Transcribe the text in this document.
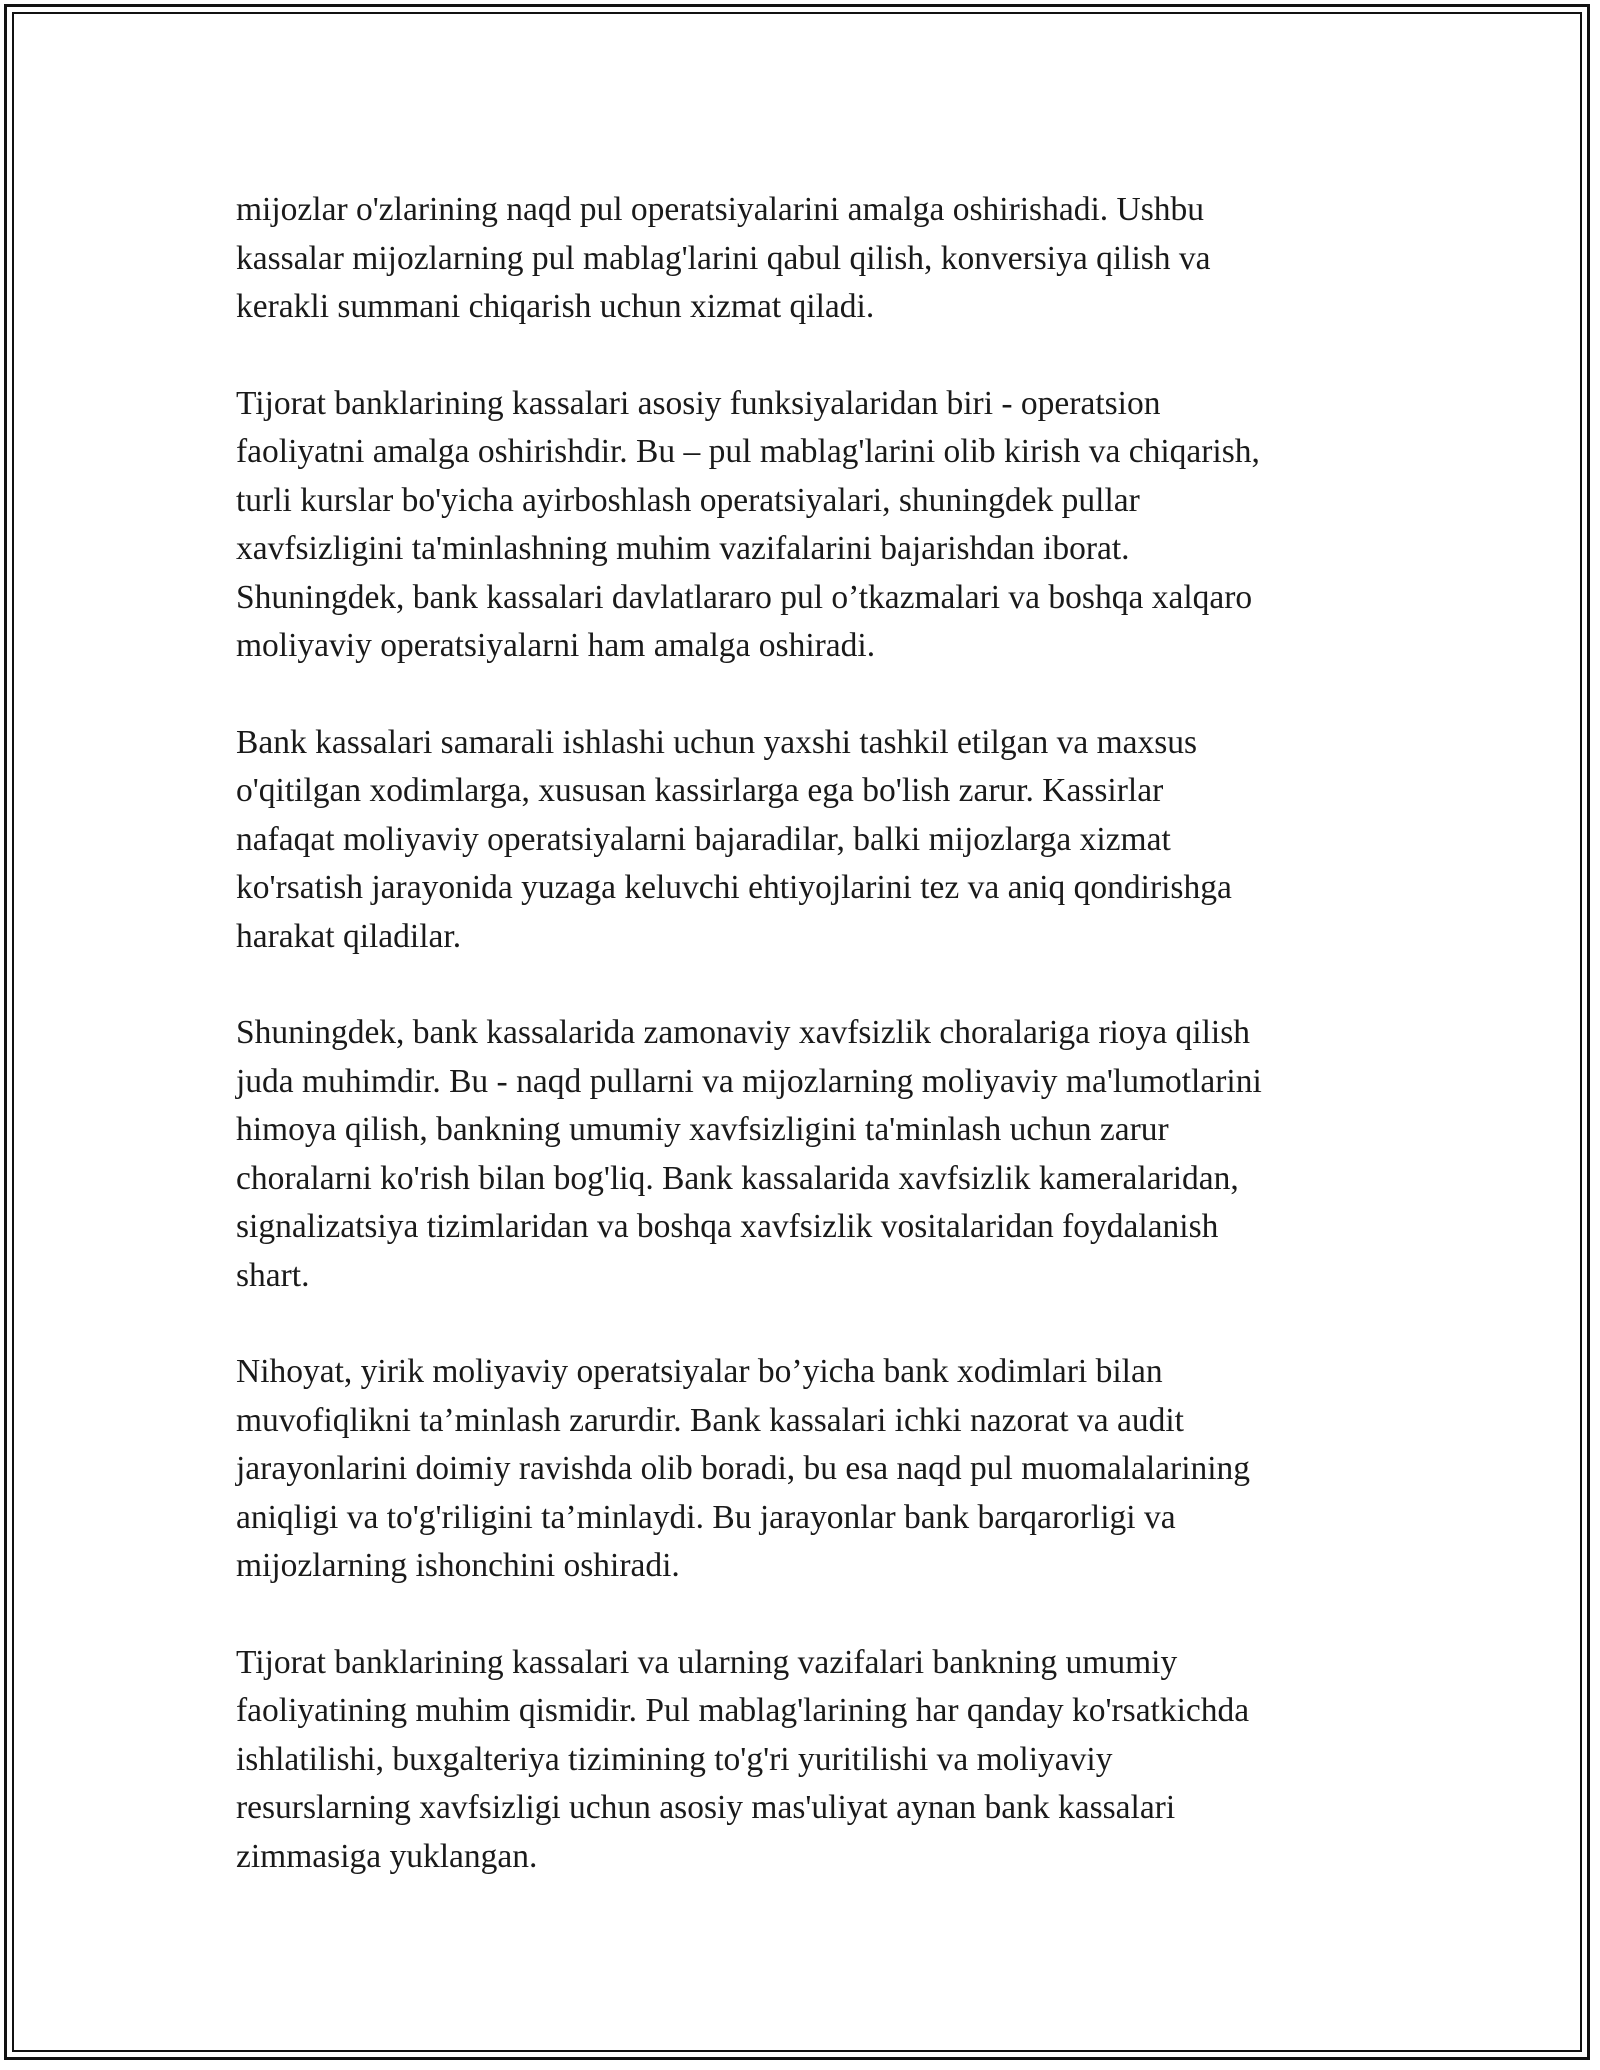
mijozlar o'zlarining naqd pul operatsiyalarini amalga oshirishadi. Ushbu
kassalar mijozlarning pul mablag'larini qabul qilish, konversiya qilish va
kerakli summani chiqarish uchun xizmat qiladi.

Tijorat banklarining kassalari asosiy funksiyalaridan biri - operatsion
faoliyatni amalga oshirishdir. Bu – pul mablag'larini olib kirish va chiqarish,
turli kurslar bo'yicha ayirboshlash operatsiyalari, shuningdek pullar
xavfsizligini ta'minlashning muhim vazifalarini bajarishdan iborat.
Shuningdek, bank kassalari davlatlararo pul o’tkazmalari va boshqa xalqaro
moliyaviy operatsiyalarni ham amalga oshiradi.

Bank kassalari samarali ishlashi uchun yaxshi tashkil etilgan va maxsus
o'qitilgan xodimlarga, xususan kassirlarga ega bo'lish zarur. Kassirlar
nafaqat moliyaviy operatsiyalarni bajaradilar, balki mijozlarga xizmat
ko'rsatish jarayonida yuzaga keluvchi ehtiyojlarini tez va aniq qondirishga
harakat qiladilar.

Shuningdek, bank kassalarida zamonaviy xavfsizlik choralariga rioya qilish
juda muhimdir. Bu - naqd pullarni va mijozlarning moliyaviy ma'lumotlarini
himoya qilish, bankning umumiy xavfsizligini ta'minlash uchun zarur
choralarni ko'rish bilan bog'liq. Bank kassalarida xavfsizlik kameralaridan,
signalizatsiya tizimlaridan va boshqa xavfsizlik vositalaridan foydalanish
shart.

Nihoyat, yirik moliyaviy operatsiyalar bo’yicha bank xodimlari bilan
muvofiqlikni ta’minlash zarurdir. Bank kassalari ichki nazorat va audit
jarayonlarini doimiy ravishda olib boradi, bu esa naqd pul muomalalarining
aniqligi va to'g'riligini ta’minlaydi. Bu jarayonlar bank barqarorligi va
mijozlarning ishonchini oshiradi.

Tijorat banklarining kassalari va ularning vazifalari bankning umumiy
faoliyatining muhim qismidir. Pul mablag'larining har qanday ko'rsatkichda
ishlatilishi, buxgalteriya tizimining to'g'ri yuritilishi va moliyaviy
resurslarning xavfsizligi uchun asosiy mas'uliyat aynan bank kassalari
zimmasiga yuklangan.
